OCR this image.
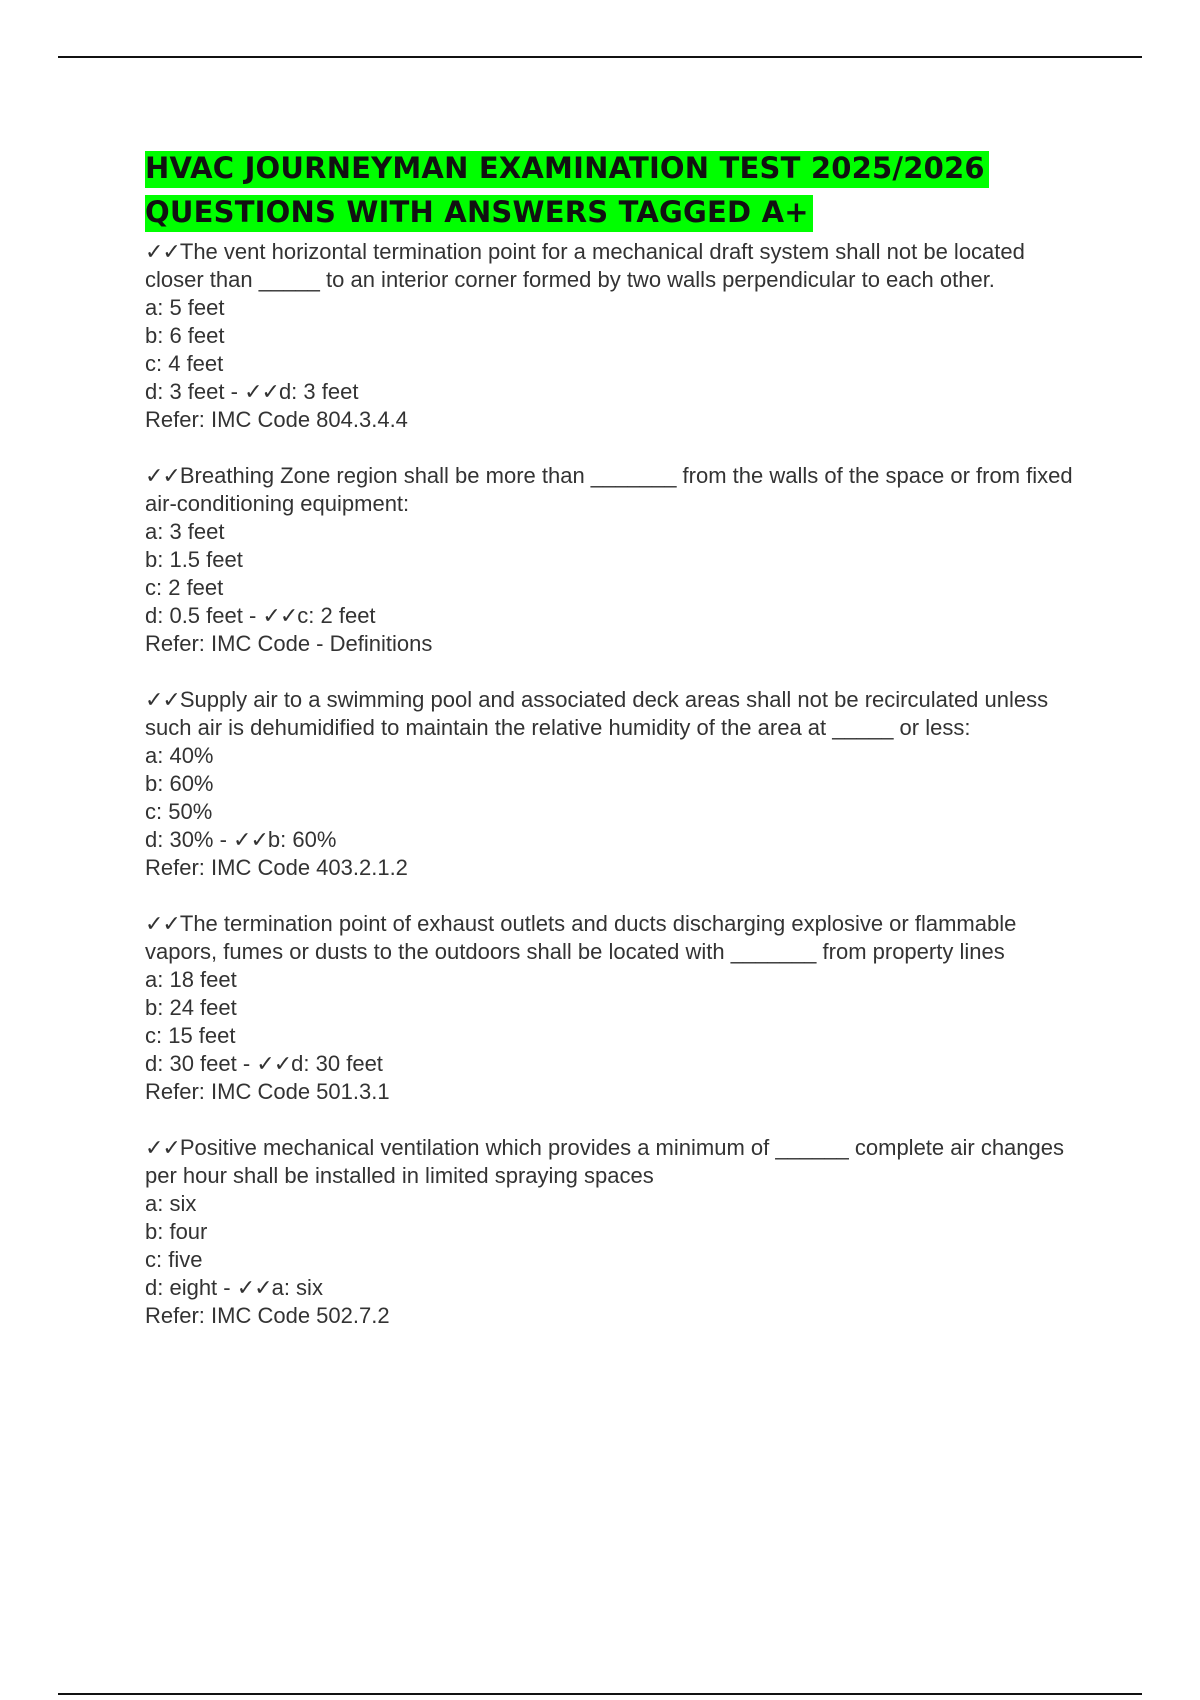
HVAC JOURNEYMAN EXAMINATION TEST 2025/2026
QUESTIONS WITH ANSWERS TAGGED A+
✓✓The vent horizontal termination point for a mechanical draft system shall not be located closer than _____ to an interior corner formed by two walls perpendicular to each other.
a: 5 feet
b: 6 feet
c: 4 feet
d: 3 feet - ✓✓d: 3 feet
Refer: IMC Code 804.3.4.4
✓✓Breathing Zone region shall be more than _______ from the walls of the space or from fixed air-conditioning equipment:
a: 3 feet
b: 1.5 feet
c: 2 feet
d: 0.5 feet - ✓✓c: 2 feet
Refer: IMC Code - Definitions
✓✓Supply air to a swimming pool and associated deck areas shall not be recirculated unless such air is dehumidified to maintain the relative humidity of the area at _____ or less:
a: 40%
b: 60%
c: 50%
d: 30% - ✓✓b: 60%
Refer: IMC Code 403.2.1.2
✓✓The termination point of exhaust outlets and ducts discharging explosive or flammable vapors, fumes or dusts to the outdoors shall be located with _______ from property lines
a: 18 feet
b: 24 feet
c: 15 feet
d: 30 feet - ✓✓d: 30 feet
Refer: IMC Code 501.3.1
✓✓Positive mechanical ventilation which provides a minimum of ______ complete air changes per hour shall be installed in limited spraying spaces
a: six
b: four
c: five
d: eight - ✓✓a: six
Refer: IMC Code 502.7.2
